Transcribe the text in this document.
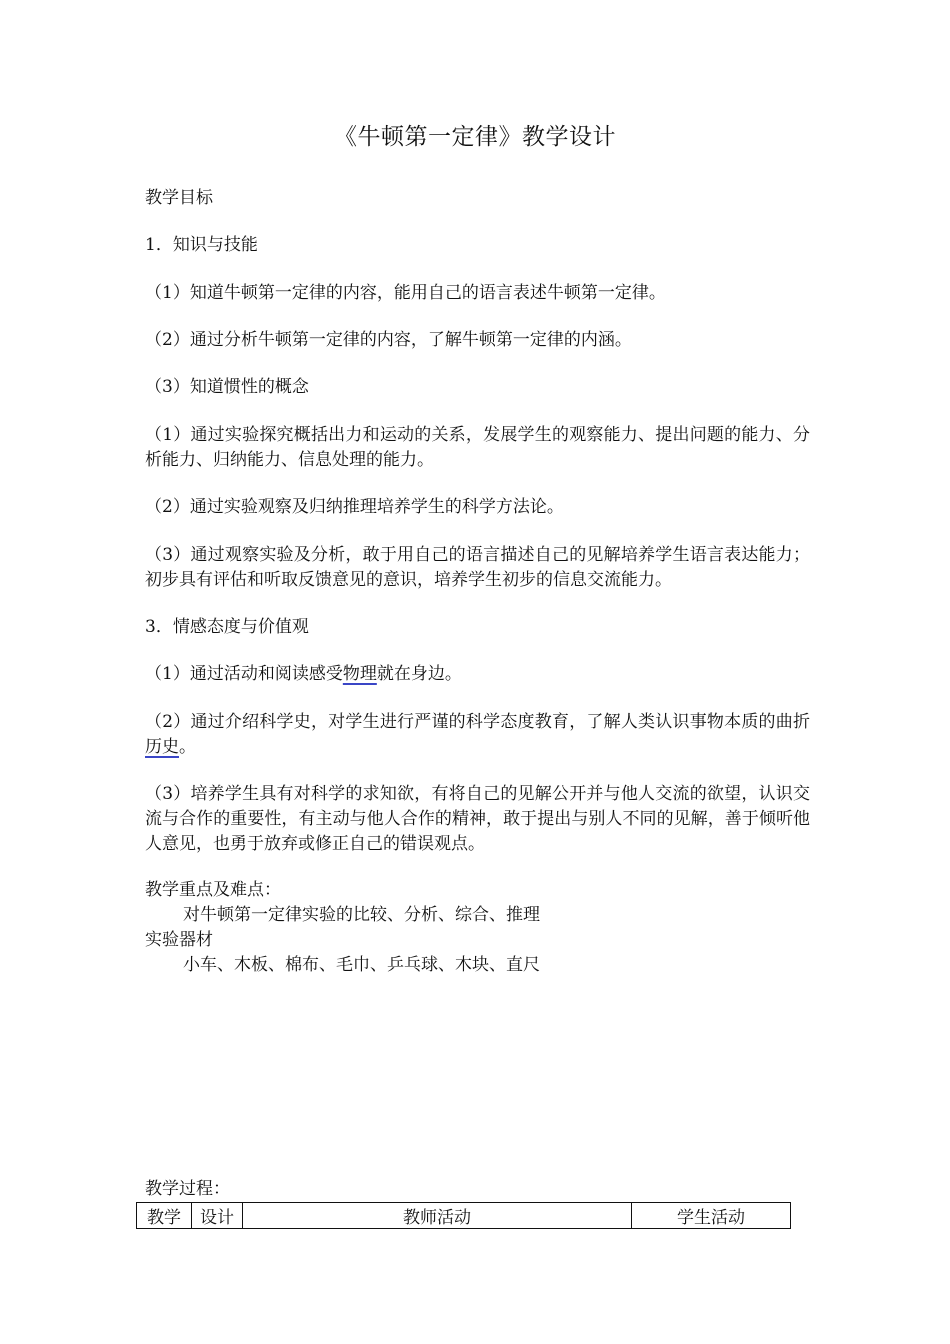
《牛顿第一定律》教学设计
教学目标
1．知识与技能
（1）知道牛顿第一定律的内容，能用自己的语言表述牛顿第一定律。
（2）通过分析牛顿第一定律的内容，了解牛顿第一定律的内涵。
（3）知道惯性的概念
（1）通过实验探究概括出力和运动的关系，发展学生的观察能力、提出问题的能力、分析能力、归纳能力、信息处理的能力。
（2）通过实验观察及归纳推理培养学生的科学方法论。
（3）通过观察实验及分析，敢于用自己的语言描述自己的见解培养学生语言表达能力；初步具有评估和听取反馈意见的意识，培养学生初步的信息交流能力。
3．情感态度与价值观
（1）通过活动和阅读感受物理就在身边。
（2）通过介绍科学史，对学生进行严谨的科学态度教育，了解人类认识事物本质的曲折历史。
（3）培养学生具有对科学的求知欲，有将自己的见解公开并与他人交流的欲望，认识交流与合作的重要性，有主动与他人合作的精神，敢于提出与别人不同的见解，善于倾听他人意见，也勇于放弃或修正自己的错误观点。
教学重点及难点：
对牛顿第一定律实验的比较、分析、综合、推理
实验器材
小车、木板、棉布、毛巾、乒乓球、木块、直尺
教学过程：
教学	设计	教师活动	学生活动
